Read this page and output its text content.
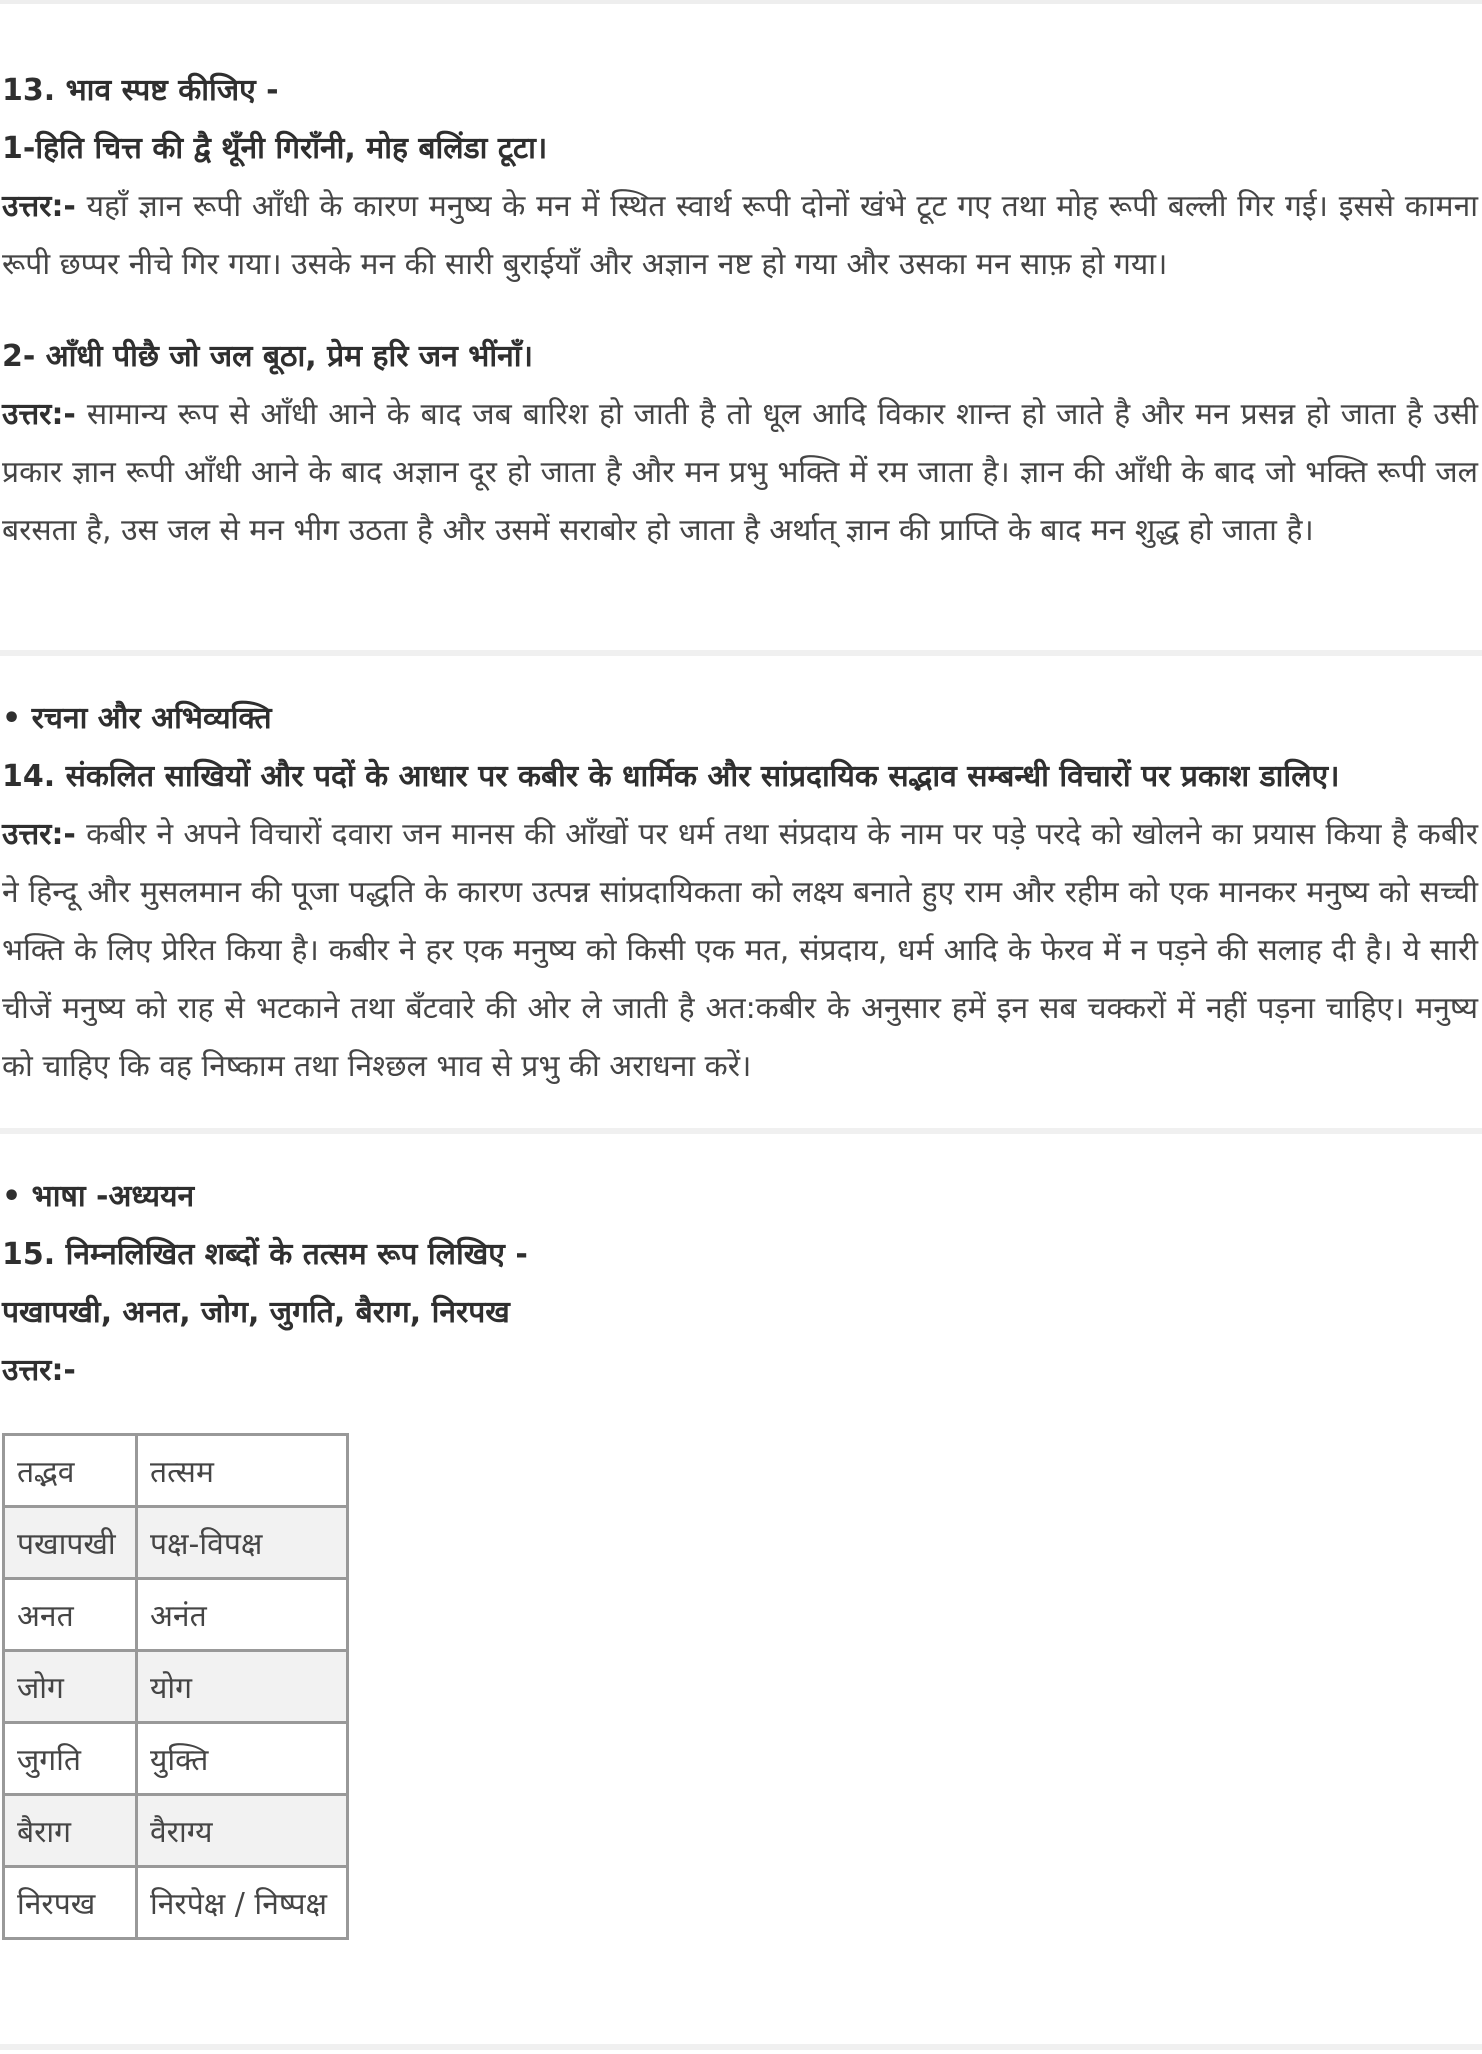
13. भाव स्पष्ट कीजिए -

1-हिति चित्त की द्वै थूँनी गिराँनी, मोह बलिंडा टूटा।

उत्तर:- यहाँ ज्ञान रूपी आँधी के कारण मनुष्य के मन में स्थित स्वार्थ रूपी दोनों खंभे टूट गए तथा मोह रूपी बल्ली गिर गई। इससे कामना रूपी छप्पर नीचे गिर गया। उसके मन की सारी बुराईयाँ और अज्ञान नष्ट हो गया और उसका मन साफ़ हो गया।

2- आँधी पीछै जो जल बूठा, प्रेम हरि जन भींनाँ।

उत्तर:- सामान्य रूप से आँधी आने के बाद जब बारिश हो जाती है तो धूल आदि विकार शान्त हो जाते है और मन प्रसन्न हो जाता है उसी प्रकार ज्ञान रूपी आँधी आने के बाद अज्ञान दूर हो जाता है और मन प्रभु भक्ति में रम जाता है। ज्ञान की आँधी के बाद जो भक्ति रूपी जल बरसता है, उस जल से मन भीग उठता है और उसमें सराबोर हो जाता है अर्थात् ज्ञान की प्राप्ति के बाद मन शुद्ध हो जाता है।

• रचना और अभिव्यक्ति

14. संकलित साखियों और पदों के आधार पर कबीर के धार्मिक और सांप्रदायिक सद्भाव सम्बन्धी विचारों पर प्रकाश डालिए।

उत्तर:- कबीर ने अपने विचारों दवारा जन मानस की आँखों पर धर्म तथा संप्रदाय के नाम पर पड़े परदे को खोलने का प्रयास किया है कबीर ने हिन्दू और मुसलमान की पूजा पद्धति के कारण उत्पन्न सांप्रदायिकता को लक्ष्य बनाते हुए राम और रहीम को एक मानकर मनुष्य को सच्ची भक्ति के लिए प्रेरित किया है। कबीर ने हर एक मनुष्य को किसी एक मत, संप्रदाय, धर्म आदि के फेरव में न पड़ने की सलाह दी है। ये सारी चीजें मनुष्य को राह से भटकाने तथा बँटवारे की ओर ले जाती है अत:कबीर के अनुसार हमें इन सब चक्करों में नहीं पड़ना चाहिए। मनुष्य को चाहिए कि वह निष्काम तथा निश्छल भाव से प्रभु की अराधना करें।

• भाषा -अध्ययन

15. निम्नलिखित शब्दों के तत्सम रूप लिखिए -

पखापखी, अनत, जोग, जुगति, बैराग, निरपख

उत्तर:-

तद्भव	तत्सम
पखापखी	पक्ष-विपक्ष
अनत	अनंत
जोग	योग
जुगति	युक्ति
बैराग	वैराग्य
निरपख	निरपेक्ष / निष्पक्ष
